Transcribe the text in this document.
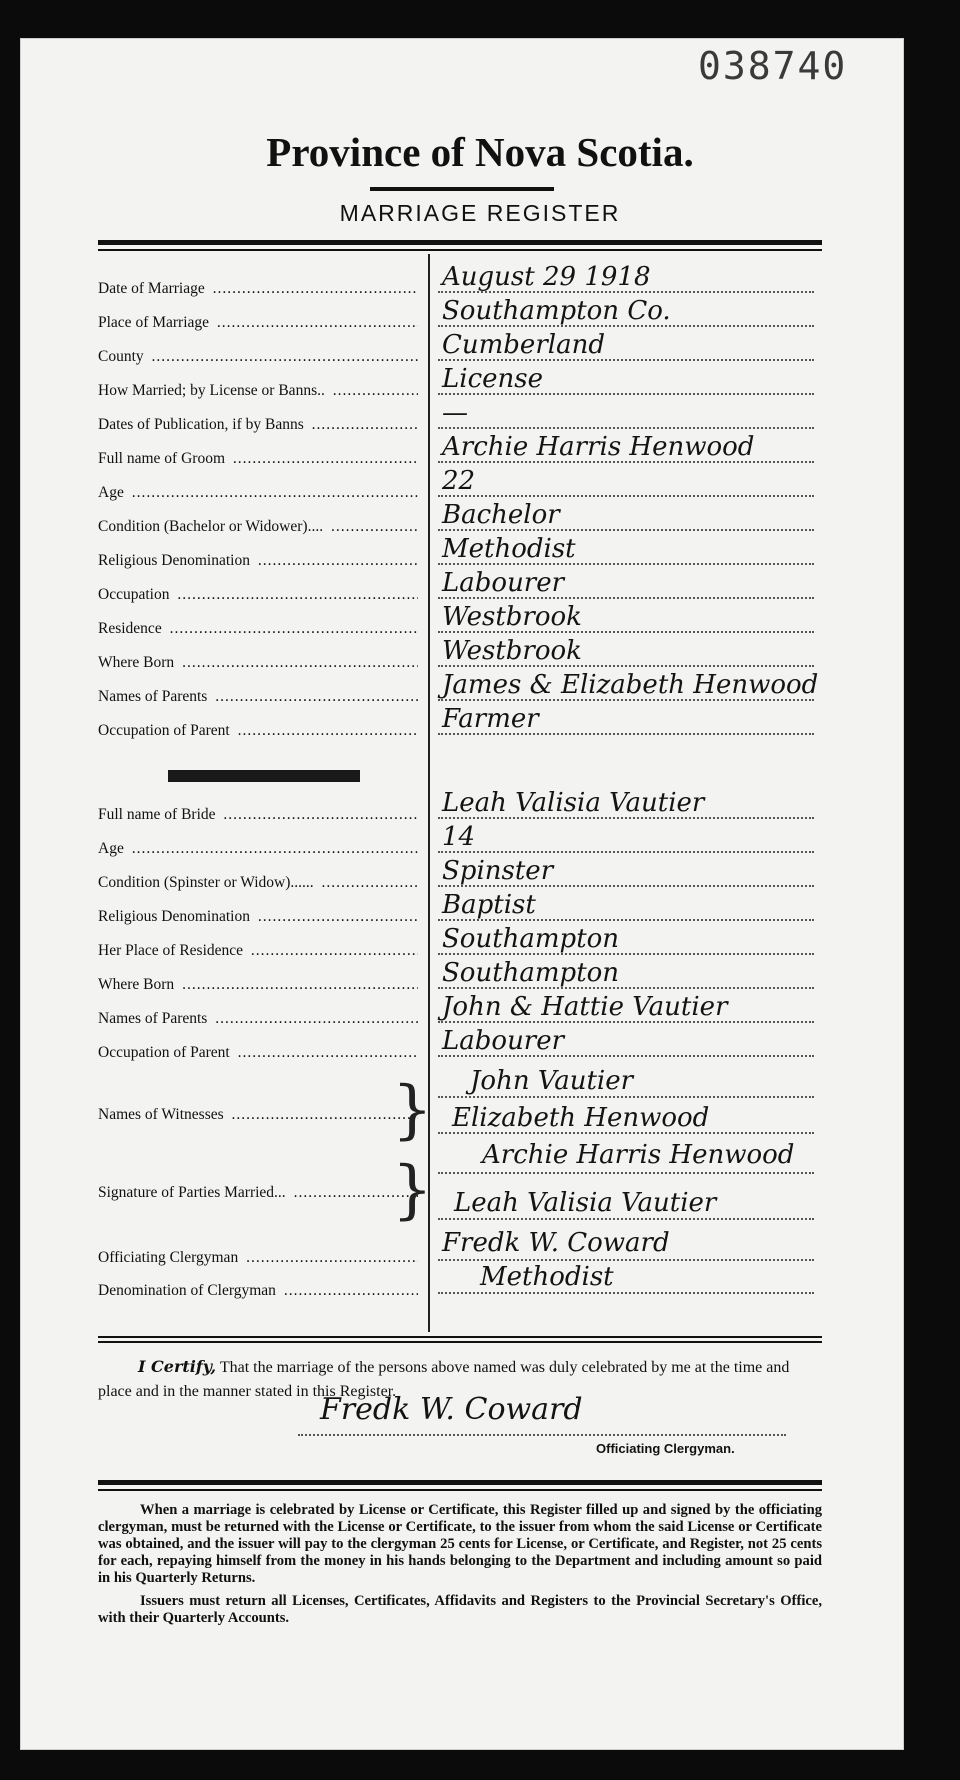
038740
Province of Nova Scotia.
MARRIAGE REGISTER
Date of Marriage .....	August 29 1918
Place of Marriage .....	Southampton Co.
County .....	Cumberland
How Married; by License or Banns.. .....	License
Dates of Publication, if by Banns .....	—
Full name of Groom .....	Archie Harris Henwood
Age .....	22
Condition (Bachelor or Widower).... .....	Bachelor
Religious Denomination .....	Methodist
Occupation .....	Labourer
Residence .....	Westbrook
Where Born .....	Westbrook
Names of Parents .....	James & Elizabeth Henwood
Occupation of Parent .....	Farmer
Full name of Bride .....	Leah Valisia Vautier
Age .....	14
Condition (Spinster or Widow)...... .....	Spinster
Religious Denomination .....	Baptist
Her Place of Residence .....	Southampton
Where Born .....	Southampton
Names of Parents .....	John & Hattie Vautier
Occupation of Parent .....	Labourer
Names of Witnesses .....	} John Vautier
Elizabeth Henwood
Signature of Parties Married... .....	} Archie Harris Henwood
Leah Valisia Vautier
Officiating Clergyman .....	Fredk W. Coward
Denomination of Clergyman .....	Methodist
I Certify, That the marriage of the persons above named was duly celebrated by me at the time and place and in the manner stated in this Register.
Fredk W. Coward
Officiating Clergyman.

When a marriage is celebrated by License or Certificate, this Register filled up and signed by the officiating clergyman, must be returned with the License or Certificate, to the issuer from whom the said License or Certificate was obtained, and the issuer will pay to the clergyman 25 cents for License, or Certificate, and Register, not 25 cents for each, repaying himself from the money in his hands belonging to the Department and including amount so paid in his Quarterly Returns.

Issuers must return all Licenses, Certificates, Affidavits and Registers to the Provincial Secretary's Office, with their Quarterly Accounts.
